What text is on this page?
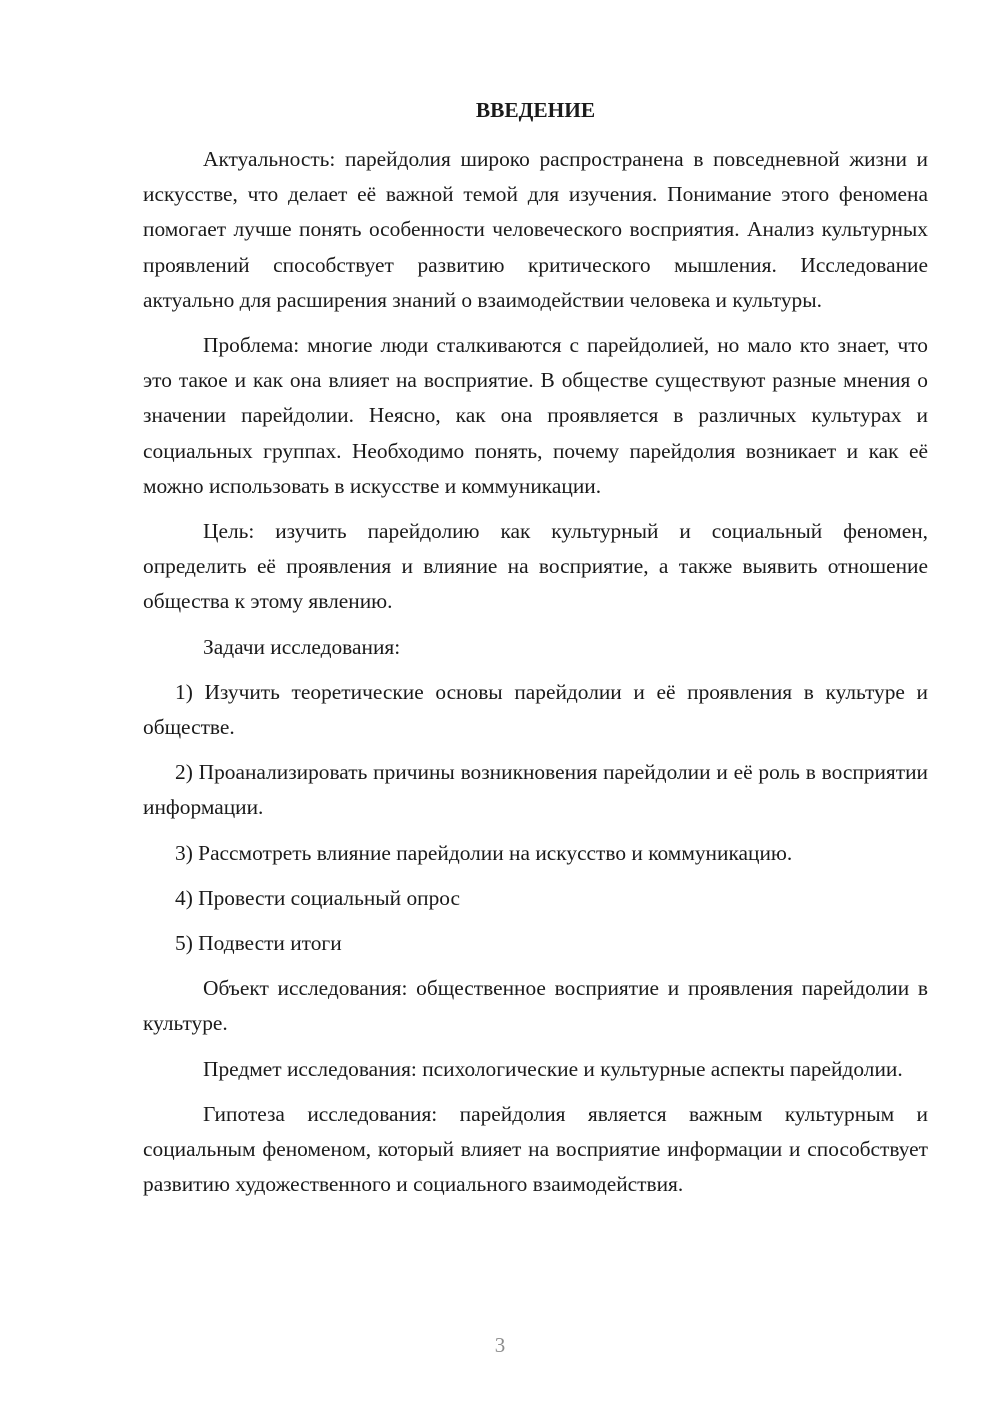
ВВЕДЕНИЕ

Актуальность: парейдолия широко распространена в повседневной жизни и искусстве, что делает её важной темой для изучения. Понимание этого феномена помогает лучше понять особенности человеческого восприятия. Анализ культурных проявлений способствует развитию критического мышления. Исследование актуально для расширения знаний о взаимодействии человека и культуры.

Проблема: многие люди сталкиваются с парейдолией, но мало кто знает, что это такое и как она влияет на восприятие. В обществе существуют разные мнения о значении парейдолии. Неясно, как она проявляется в различных культурах и социальных группах. Необходимо понять, почему парейдолия возникает и как её можно использовать в искусстве и коммуникации.

Цель: изучить парейдолию как культурный и социальный феномен, определить её проявления и влияние на восприятие, а также выявить отношение общества к этому явлению.

Задачи исследования:

1) Изучить теоретические основы парейдолии и её проявления в культуре и обществе.

2) Проанализировать причины возникновения парейдолии и её роль в восприятии информации.

3) Рассмотреть влияние парейдолии на искусство и коммуникацию.

4) Провести социальный опрос

5) Подвести итоги

Объект исследования: общественное восприятие и проявления парейдолии в культуре.

Предмет исследования: психологические и культурные аспекты парейдолии.

Гипотеза исследования: парейдолия является важным культурным и социальным феноменом, который влияет на восприятие информации и способствует развитию художественного и социального взаимодействия.

3
